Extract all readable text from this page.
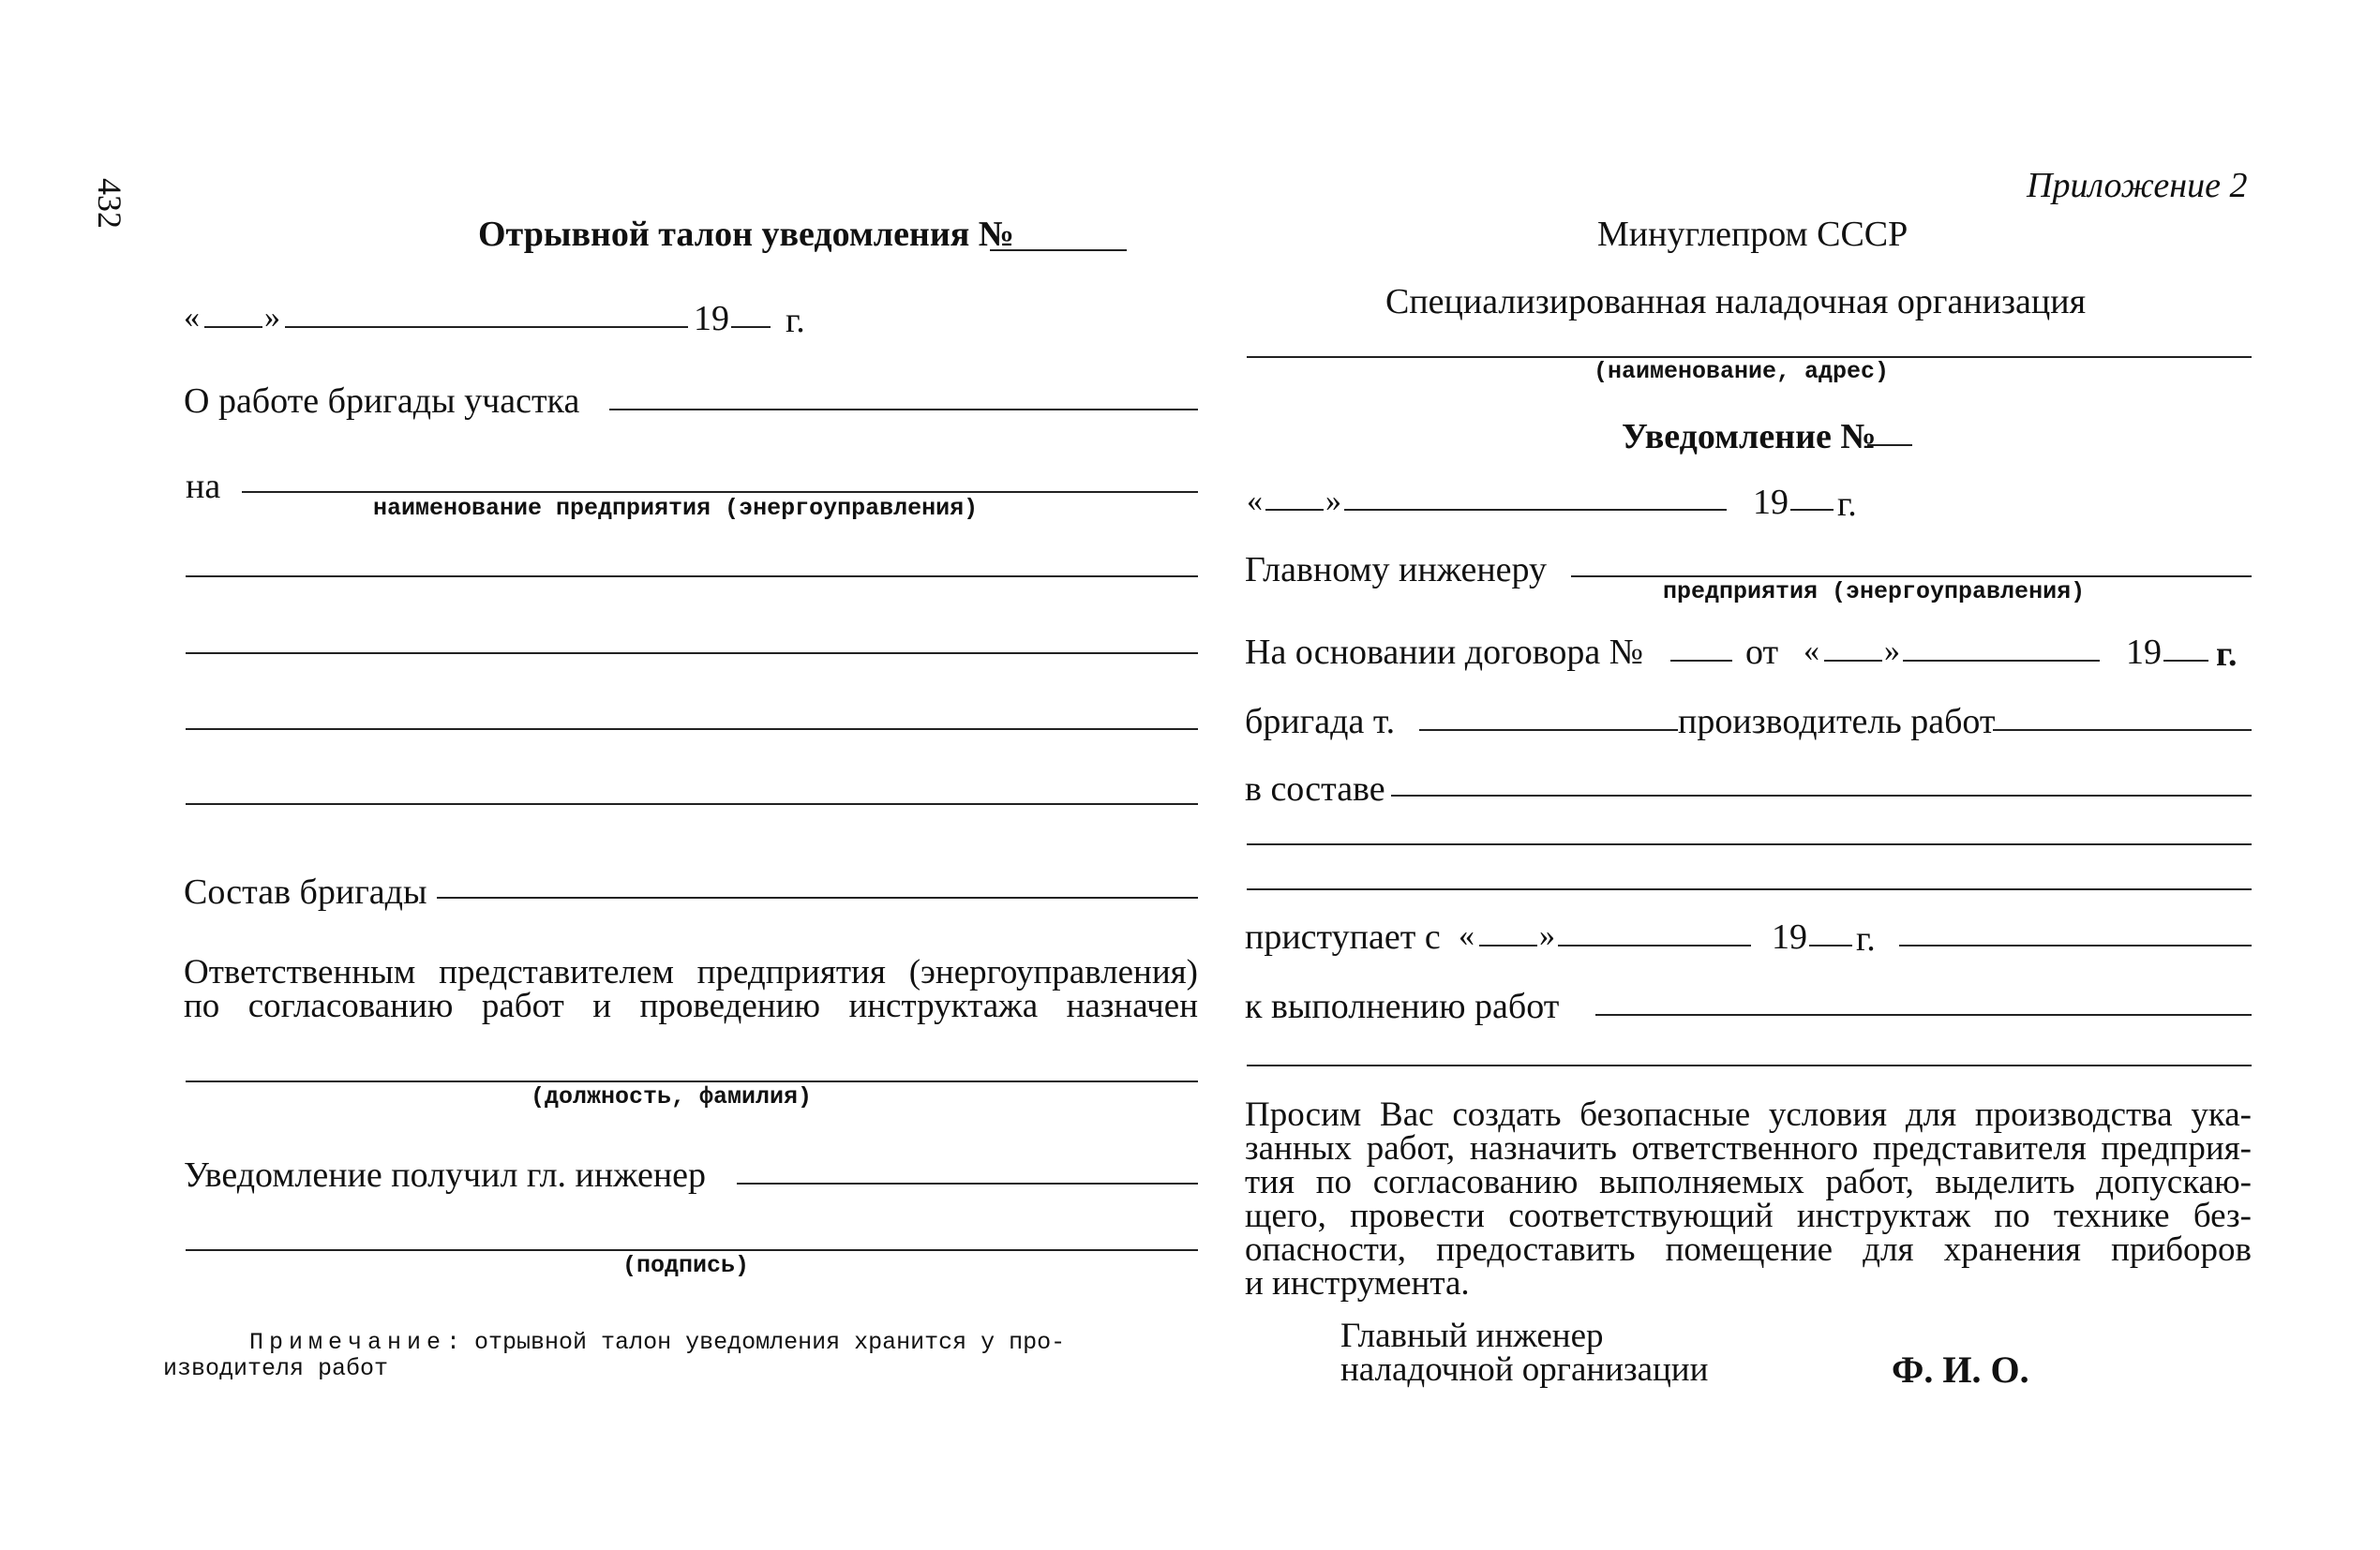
432
Отрывной талон уведомления №
« »	19 г.
О работе бригады участка
на
наименование предприятия (энергоуправления)
Состав бригады
Ответственным представителем предприятия (энергоуправления)
по согласованию работ и проведению инструктажа назначен
(должность, фамилия)
Уведомление получил гл. инженер
(подпись)
Примечание: отрывной талон уведомления хранится у про-
изводителя работ
Приложение 2
Минуглепром СССР
Специализированная наладочная организация
(наименование, адрес)
Уведомление №
« »	19 г.
Главному инженеру
предприятия (энергоуправления)
На основании договора №	от « »	19 г.
бригада т.	производитель работ
в составе
приступает с « »	19 г.
к выполнению работ
Просим Вас создать безопасные условия для производства ука-
занных работ, назначить ответственного представителя предприя-
тия по согласованию выполняемых работ, выделить допускаю-
щего, провести соответствующий инструктаж по технике без-
опасности, предоставить помещение для хранения приборов
и инструмента.
Главный инженер
наладочной организации	Ф. И. О.
